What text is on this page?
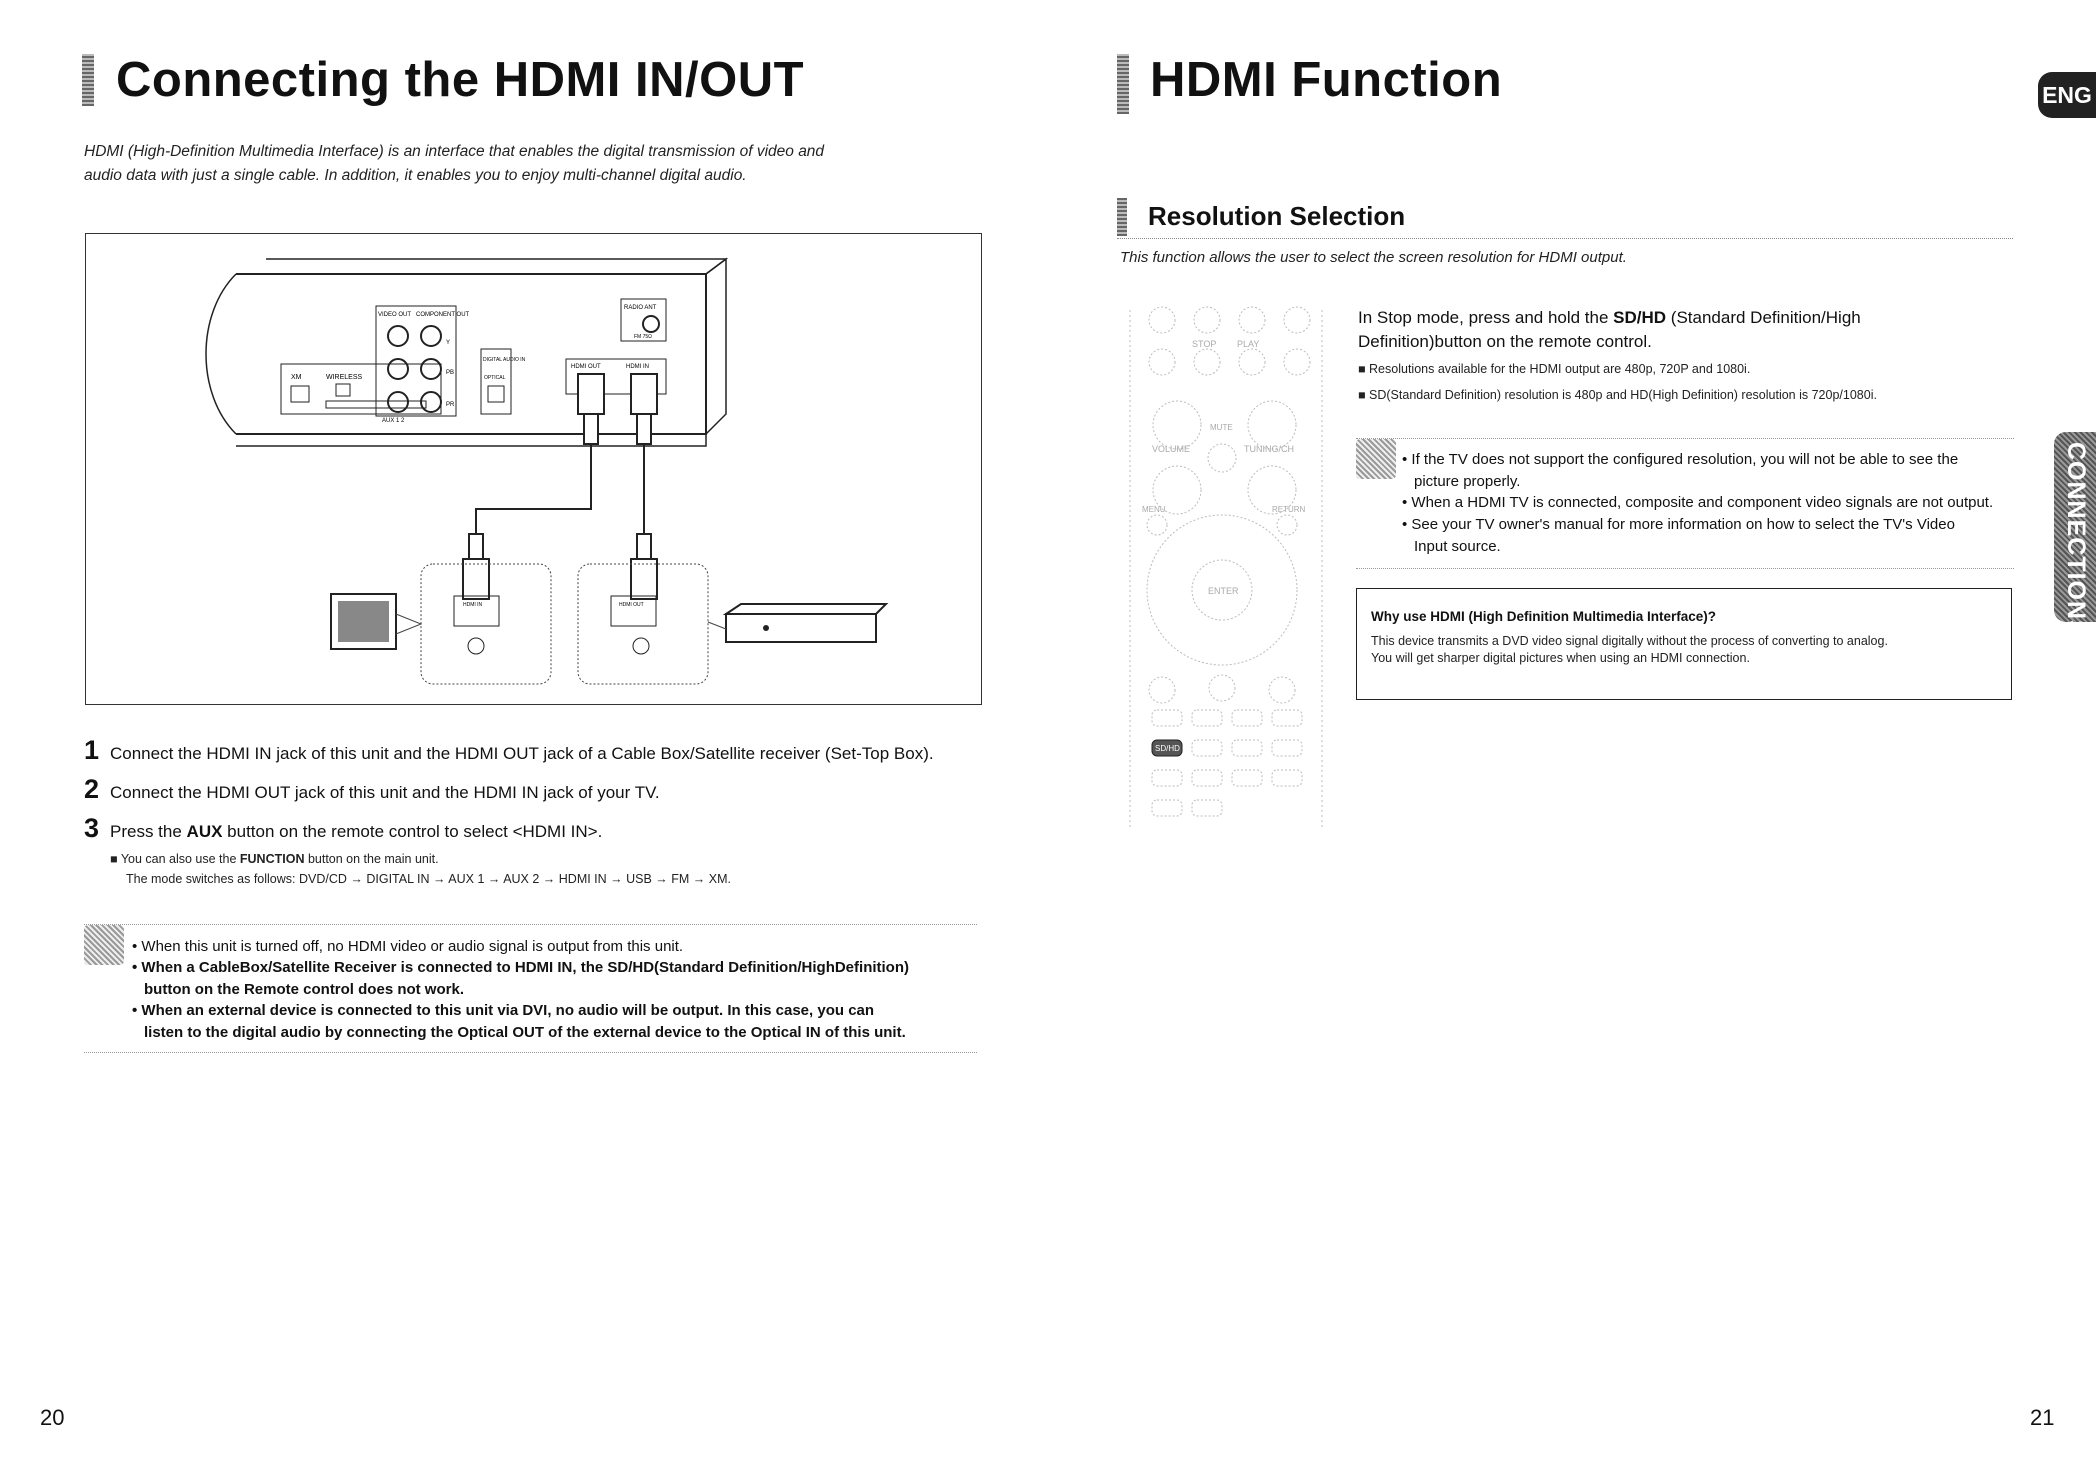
Connecting the HDMI IN/OUT
HDMI (High-Definition Multimedia Interface) is an interface that enables the digital transmission of video and
audio data with just a single cable. In addition, it enables you to enjoy multi-channel digital audio.
XM	WIRELESS
VIDEO OUT COMPONENT OUT
Y
PB
PR
AUX 1 2
DIGITAL AUDIO IN
OPTICAL
RADIO ANT
FM 75Ω
HDMI OUT	HDMI IN
HDMI IN	HDMI OUT
1 Connect the HDMI IN jack of this unit and the HDMI OUT jack of a Cable Box/Satellite receiver (Set-Top Box).
2 Connect the HDMI OUT jack of this unit and the HDMI IN jack of your TV.
3 Press the AUX button on the remote control to select <HDMI IN>.
■ You can also use the FUNCTION button on the main unit.
The mode switches as follows: DVD/CD → DIGITAL IN → AUX 1 → AUX 2 → HDMI IN → USB → FM → XM.
• When this unit is turned off, no HDMI video or audio signal is output from this unit.
• When a CableBox/Satellite Receiver is connected to HDMI IN, the SD/HD(Standard Definition/HighDefinition)
button on the Remote control does not work.
• When an external device is connected to this unit via DVI, no audio will be output. In this case, you can
listen to the digital audio by connecting the Optical OUT of the external device to the Optical IN of this unit.
20
HDMI Function	ENG
Resolution Selection
This function allows the user to select the screen resolution for HDMI output.
STOP PLAY
MUTE
VOLUME	TUNING/CH
MENU	RETURN
ENTER
SD/HD
In Stop mode, press and hold the SD/HD (Standard Definition/High
Definition)button on the remote control.
■ Resolutions available for the HDMI output are 480p, 720P and 1080i.
■ SD(Standard Definition) resolution is 480p and HD(High Definition) resolution is 720p/1080i.
• If the TV does not support the configured resolution, you will not be able to see the
picture properly.
• When a HDMI TV is connected, composite and component video signals are not output.
• See your TV owner's manual for more information on how to select the TV's Video
Input source.
Why use HDMI (High Definition Multimedia Interface)?
This device transmits a DVD video signal digitally without the process of converting to analog.
You will get sharper digital pictures when using an HDMI connection.
CONNECTIONS
21
